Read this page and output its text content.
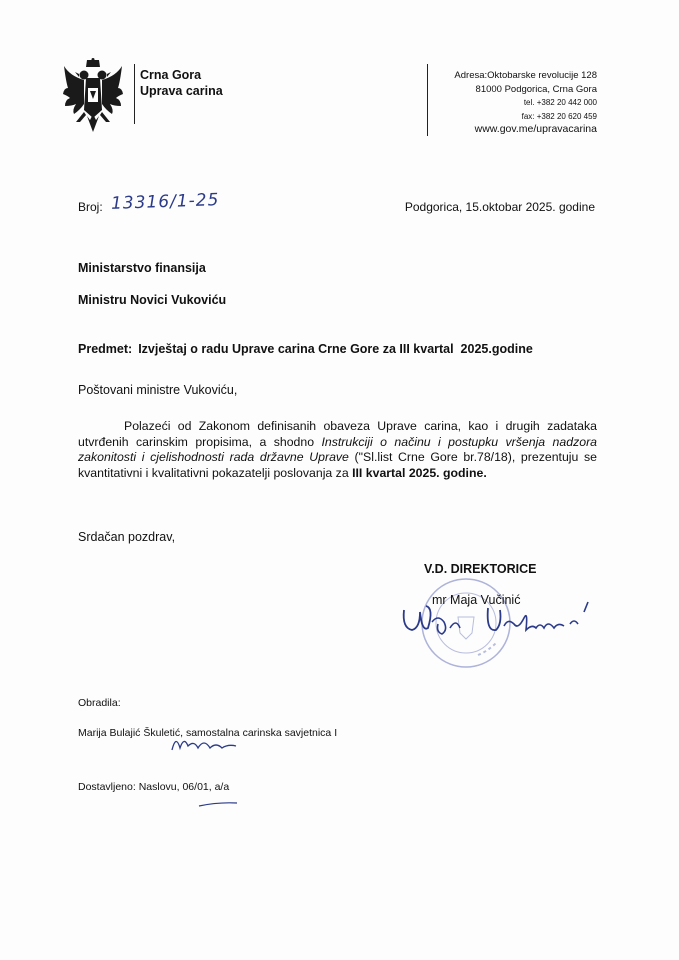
Crna Gora
Uprava carina
Adresa:Oktobarske revolucije 128
81000 Podgorica, Crna Gora
tel. +382 20 442 000
fax: +382 20 620 459
www.gov.me/upravacarina
Broj: 13316/1-25	Podgorica, 15.oktobar 2025. godine
Ministarstvo finansija
Ministru Novici Vukoviću
Predmet: Izvještaj o radu Uprave carina Crne Gore za III kvartal  2025.godine
Poštovani ministre Vukoviću,

Polazeći od Zakonom definisanih obaveza Uprave carina, kao i drugih zadataka utvrđenih carinskim propisima, a shodno Instrukciji o načinu i postupku vršenja nadzora zakonitosti i cjelishodnosti rada državne Uprave ("Sl.list Crne Gore br.78/18), prezentuju se kvantitativni i kvalitativni pokazatelji poslovanja za III kvartal 2025. godine.

Srdačan pozdrav,
V.D. DIREKTORICE
mr Maja Vučinić
Obradila:
Marija Bulajić Škuletić, samostalna carinska savjetnica I
Dostavljeno: Naslovu, 06/01, a/a
